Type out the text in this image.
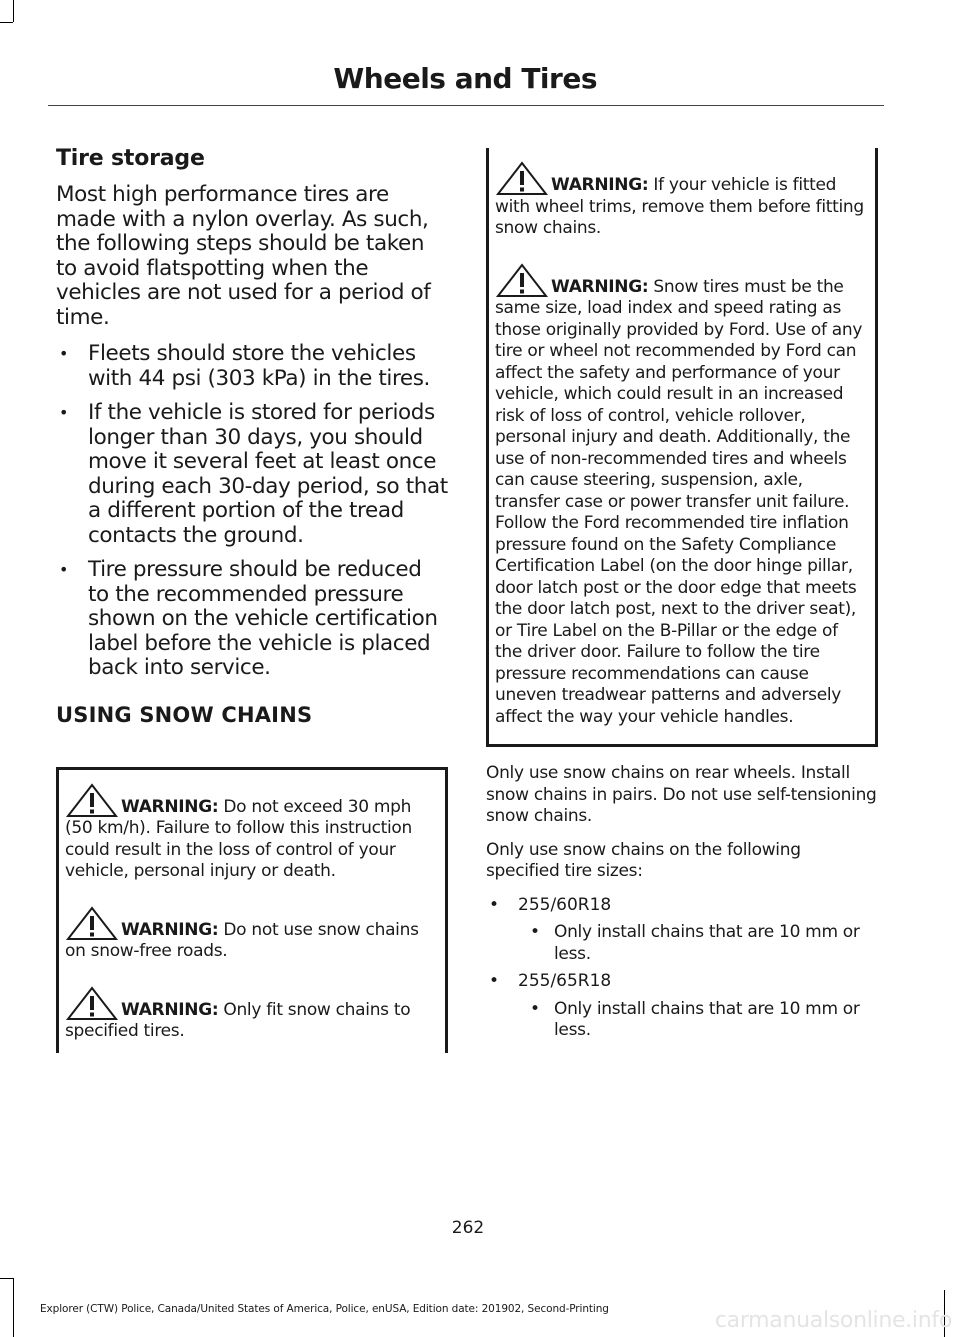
Wheels and Tires
Tire storage

Most high performance tires are made with a nylon overlay. As such, the following steps should be taken to avoid flatspotting when the vehicles are not used for a period of time.

• Fleets should store the vehicles with 44 psi (303 kPa) in the tires.
• If the vehicle is stored for periods longer than 30 days, you should move it several feet at least once during each 30-day period, so that a different portion of the tread contacts the ground.
• Tire pressure should be reduced to the recommended pressure shown on the vehicle certification label before the vehicle is placed back into service.
USING SNOW CHAINS

WARNING: Do not exceed 30 mph (50 km/h). Failure to follow this instruction could result in the loss of control of your vehicle, personal injury or death.

WARNING: Do not use snow chains on snow-free roads.

WARNING: Only fit snow chains to specified tires.

WARNING: If your vehicle is fitted with wheel trims, remove them before fitting snow chains.

WARNING: Snow tires must be the same size, load index and speed rating as those originally provided by Ford. Use of any tire or wheel not recommended by Ford can affect the safety and performance of your vehicle, which could result in an increased risk of loss of control, vehicle rollover, personal injury and death. Additionally, the use of non-recommended tires and wheels can cause steering, suspension, axle, transfer case or power transfer unit failure. Follow the Ford recommended tire inflation pressure found on the Safety Compliance Certification Label (on the door hinge pillar, door latch post or the door edge that meets the door latch post, next to the driver seat), or Tire Label on the B-Pillar or the edge of the driver door. Failure to follow the tire pressure recommendations can cause uneven treadwear patterns and adversely affect the way your vehicle handles.

Only use snow chains on rear wheels. Install snow chains in pairs. Do not use self-tensioning snow chains.

Only use snow chains on the following specified tire sizes:

• 255/60R18
• Only install chains that are 10 mm or less.
• 255/65R18
• Only install chains that are 10 mm or less.
262
Explorer (CTW) Police, Canada/United States of America, Police, enUSA, Edition date: 201902, Second-Printing	carmanualsonline.info
